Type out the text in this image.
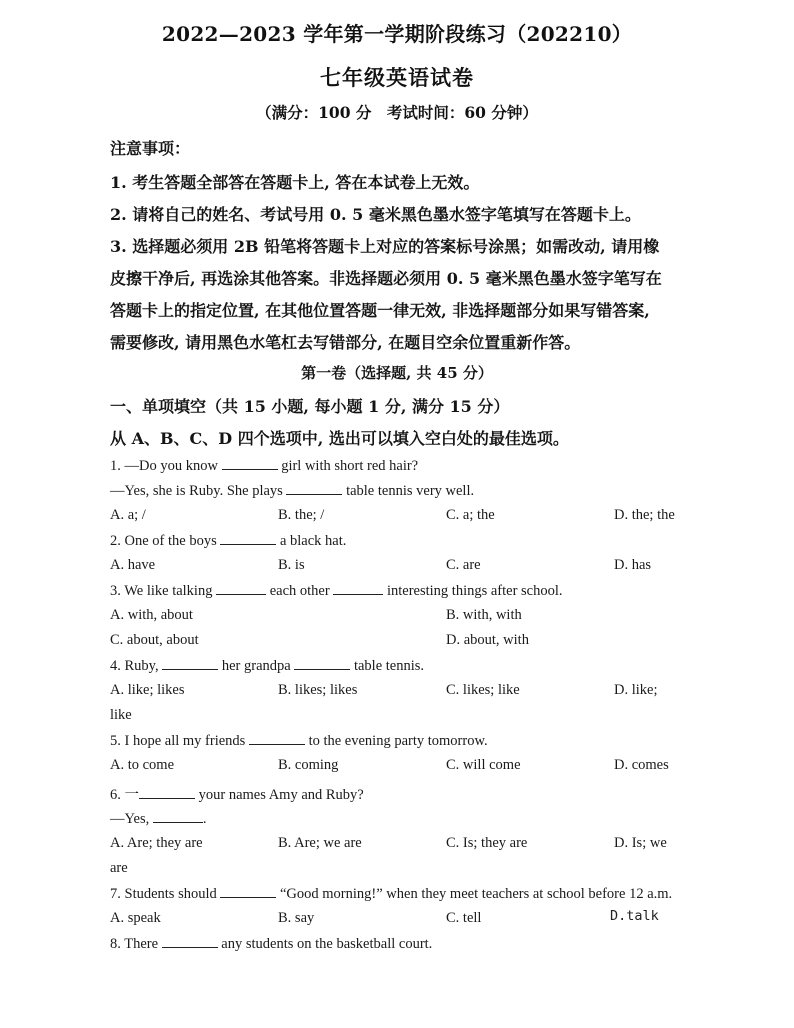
2022—2023 学年第一学期阶段练习（202210）
七年级英语试卷
（满分：100 分　考试时间：60 分钟）
注意事项：
1. 考生答题全部答在答题卡上, 答在本试卷上无效。
2. 请将自己的姓名、考试号用 0. 5 毫米黑色墨水签字笔填写在答题卡上。
3. 选择题必须用 2B 铅笔将答题卡上对应的答案标号涂黑；如需改动, 请用橡
皮擦干净后, 再选涂其他答案。非选择题必须用 0. 5 毫米黑色墨水签字笔写在
答题卡上的指定位置, 在其他位置答题一律无效, 非选择题部分如果写错答案,
需要修改, 请用黑色水笔杠去写错部分, 在题目空余位置重新作答。
第一卷（选择题, 共 45 分）
一、单项填空（共 15 小题, 每小题 1 分, 满分 15 分）
从 A、B、C、D 四个选项中, 选出可以填入空白处的最佳选项。
1. —Do you know	girl with short red hair?
—Yes, she is Ruby. She plays	table tennis very well.
A. a; /	B. the; /	C. a; the	D. the; the
2. One of the boys	a black hat.
A. have	B. is	C. are	D. has
3. We like talking	each other	interesting things after school.
A. with, about	B. with, with
C. about, about	D. about, with
4. Ruby,	her grandpa	table tennis.
A. like; likes	B. likes; likes	C. likes; like	D. like;
like
5. I hope all my friends	to the evening party tomorrow.
A. to come	B. coming	C. will come	D. comes
6. 一	your names Amy and Ruby?
—Yes,	.
A. Are; they are	B. Are; we are	C. Is; they are	D. Is; we
are
7. Students should	“Good morning!” when they meet teachers at school before 12 a.m.
A. speak	B. say	C. tell	D.talk
8. There	any students on the basketball court.
